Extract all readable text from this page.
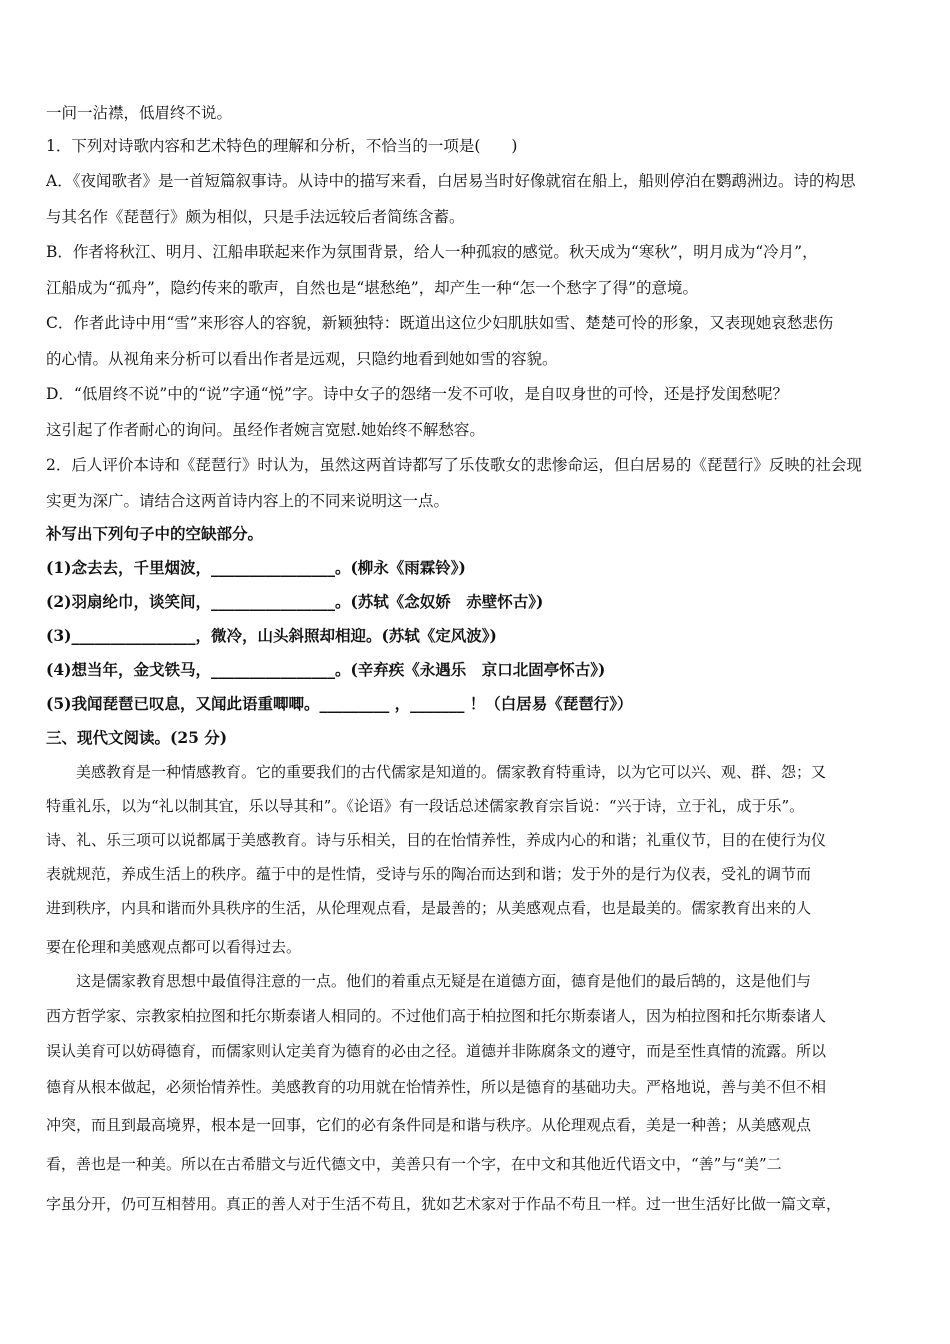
一问一沾襟，低眉终不说。

1．下列对诗歌内容和艺术特色的理解和分析，不恰当的一项是(　　)

A．《夜闻歌者》是一首短篇叙事诗。从诗中的描写来看，白居易当时好像就宿在船上，船则停泊在鹦鹉洲边。诗的构思

与其名作《琵琶行》颇为相似，只是手法远较后者简练含蓄。

B．作者将秋江、明月、江船串联起来作为氛围背景，给人一种孤寂的感觉。秋天成为“寒秋”，明月成为“冷月”，

江船成为“孤舟”，隐约传来的歌声，自然也是“堪愁绝”，却产生一种“怎一个愁字了得”的意境。

C．作者此诗中用“雪”来形容人的容貌，新颖独特：既道出这位少妇肌肤如雪、楚楚可怜的形象，又表现她哀愁悲伤

的心情。从视角来分析可以看出作者是远观，只隐约地看到她如雪的容貌。

D．“低眉终不说”中的“说”字通“悦”字。诗中女子的怨绪一发不可收，是自叹身世的可怜，还是抒发闺愁呢？

这引起了作者耐心的询问。虽经作者婉言宽慰.她始终不解愁容。

2．后人评价本诗和《琵琶行》时认为，虽然这两首诗都写了乐伎歌女的悲惨命运，但白居易的《琵琶行》反映的社会现

实更为深广。请结合这两首诗内容上的不同来说明这一点。

补写出下列句子中的空缺部分。

(1)念去去，千里烟波，________________。(柳永《雨霖铃》)

(2)羽扇纶巾，谈笑间，________________。(苏轼《念奴娇　赤壁怀古》)

(3)________________，微冷，山头斜照却相迎。(苏轼《定风波》)

(4)想当年，金戈铁马，________________。(辛弃疾《永遇乐　京口北固亭怀古》)

(5)我闻琵琶已叹息，又闻此语重唧唧。_________ ，_______ ！（白居易《琵琶行》）

三、现代文阅读。(25 分)

　　美感教育是一种情感教育。它的重要我们的古代儒家是知道的。儒家教育特重诗，以为它可以兴、观、群、怨；又

特重礼乐，以为“礼以制其宜，乐以导其和”。《论语》有一段话总述儒家教育宗旨说：“兴于诗，立于礼，成于乐”。

诗、礼、乐三项可以说都属于美感教育。诗与乐相关，目的在怡情养性，养成内心的和谐；礼重仪节，目的在使行为仪

表就规范，养成生活上的秩序。蕴于中的是性情，受诗与乐的陶冶而达到和谐；发于外的是行为仪表，受礼的调节而

进到秩序，内具和谐而外具秩序的生活，从伦理观点看，是最善的；从美感观点看，也是最美的。儒家教育出来的人

要在伦理和美感观点都可以看得过去。

　　这是儒家教育思想中最值得注意的一点。他们的着重点无疑是在道德方面，德育是他们的最后鹄的，这是他们与

西方哲学家、宗教家柏拉图和托尔斯泰诸人相同的。不过他们高于柏拉图和托尔斯泰诸人，因为柏拉图和托尔斯泰诸人

误认美育可以妨碍德育，而儒家则认定美育为德育的必由之径。道德并非陈腐条文的遵守，而是至性真情的流露。所以

德育从根本做起，必须怡情养性。美感教育的功用就在怡情养性，所以是德育的基础功夫。严格地说，善与美不但不相

冲突，而且到最高境界，根本是一回事，它们的必有条件同是和谐与秩序。从伦理观点看，美是一种善；从美感观点

看，善也是一种美。所以在古希腊文与近代德文中，美善只有一个字，在中文和其他近代语文中，“善”与“美”二

字虽分开，仍可互相替用。真正的善人对于生活不苟且，犹如艺术家对于作品不苟且一样。过一世生活好比做一篇文章，
